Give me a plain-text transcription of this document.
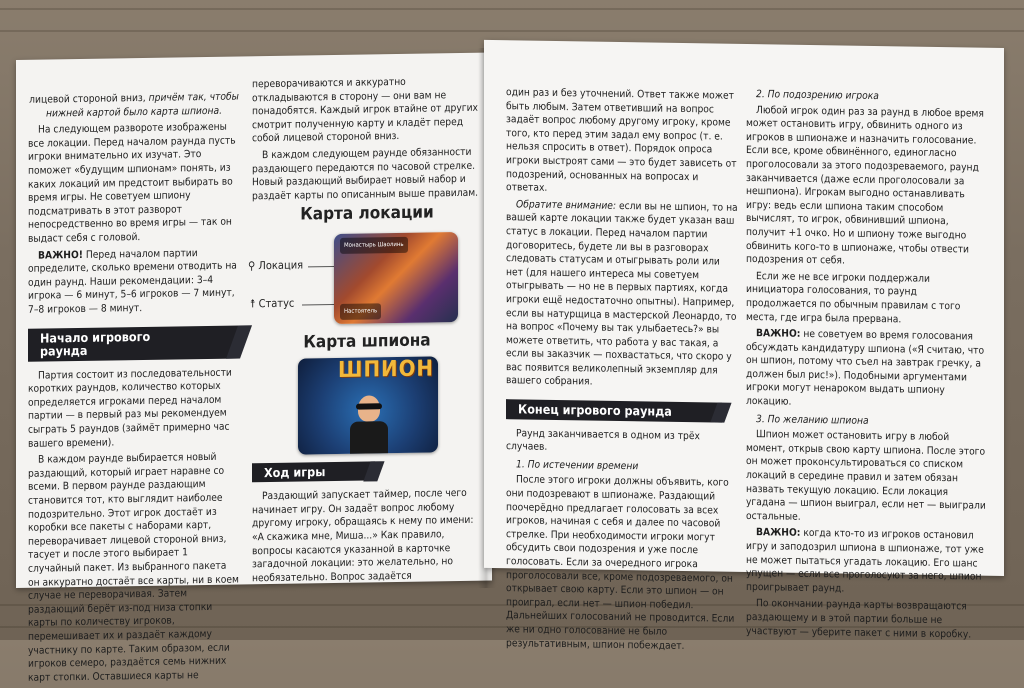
лицевой стороной вниз, причём так, чтобы
нижней картой было карта шпиона.

На следующем развороте изображены все локации. Перед началом раунда пусть игроки внимательно их изучат. Это поможет «будущим шпионам» понять, из каких локаций им предстоит выбирать во время игры. Не советуем шпиону подсматривать в этот разворот непосредственно во время игры — так он выдаст себя с головой.

ВАЖНО! Перед началом партии определите, сколько времени отводить на один раунд. Наши рекомендации: 3–4 игрока — 6 минут, 5–6 игроков — 7 минут, 7–8 игроков — 8 минут.

Начало игрового раунда

Партия состоит из последовательности коротких раундов, количество которых определяется игроками перед началом партии — в первый раз мы рекомендуем сыграть 5 раундов (займёт примерно час вашего времени).

В каждом раунде выбирается новый раздающий, который играет наравне со всеми. В первом раунде раздающим становится тот, кто выглядит наиболее подозрительно. Этот игрок достаёт из коробки все пакеты с наборами карт, переворачивает лицевой стороной вниз, тасует и после этого выбирает 1 случайный пакет. Из выбранного пакета он аккуратно достаёт все карты, ни в коем случае не переворачивая. Затем раздающий берёт из-под низа стопки карты по количеству игроков, перемешивает их и раздаёт каждому участнику по карте. Таким образом, если игроков семеро, раздаётся семь нижних карт стопки. Оставшиеся карты не

переворачиваются и аккуратно откладываются в сторону — они вам не понадобятся. Каждый игрок втайне от других смотрит полученную карту и кладёт перед собой лицевой стороной вниз.

В каждом следующем раунде обязанности раздающего передаются по часовой стрелке. Новый раздающий выбирает новый набор и раздаёт карты по описанным выше правилам.

Карта локации
⚲ Локация
☨ Статус
Монастырь Шаолинь
Настоятель
Карта шпиона
ШПИОН
Ход игры

Раздающий запускает таймер, после чего начинает игру. Он задаёт вопрос любому другому игроку, обращаясь к нему по имени: «А скажика мне, Миша...» Как правило, вопросы касаются указанной в карточке загадочной локации: это желательно, но необязательно. Вопрос задаётся

один раз и без уточнений. Ответ также может быть любым. Затем ответивший на вопрос задаёт вопрос любому другому игроку, кроме того, кто перед этим задал ему вопрос (т. е. нельзя спросить в ответ). Порядок опроса игроки выстроят сами — это будет зависеть от подозрений, основанных на вопросах и ответах.

Обратите внимание: если вы не шпион, то на вашей карте локации также будет указан ваш статус в локации. Перед началом партии договоритесь, будете ли вы в разговорах следовать статусам и отыгрывать роли или нет (для нашего интереса мы советуем отыгрывать — но не в первых партиях, когда игроки ещё недостаточно опытны). Например, если вы натурщица в мастерской Леонардо, то на вопрос «Почему вы так улыбаетесь?» вы можете ответить, что работа у вас такая, а если вы заказчик — похвастаться, что скоро у вас появится великолепный экземпляр для вашего собрания.

Конец игрового раунда

Раунд заканчивается в одном из трёх случаев.

1. По истечении времени

После этого игроки должны объявить, кого они подозревают в шпионаже. Раздающий поочерёдно предлагает голосовать за всех игроков, начиная с себя и далее по часовой стрелке. При необходимости игроки могут обсудить свои подозрения и уже после голосовать. Если за очередного игрока проголосовали все, кроме подозреваемого, он открывает свою карту. Если это шпион — он проиграл, если нет — шпион победил. Дальнейших голосований не проводится. Если же ни одно голосование не было результативным, шпион побеждает.

2. По подозрению игрока

Любой игрок один раз за раунд в любое время может остановить игру, обвинить одного из игроков в шпионаже и назначить голосование. Если все, кроме обвинённого, единогласно проголосовали за этого подозреваемого, раунд заканчивается (даже если проголосовали за нешпиона). Игрокам выгодно останавливать игру: ведь если шпиона таким способом вычислят, то игрок, обвинивший шпиона, получит +1 очко. Но и шпиону тоже выгодно обвинить кого-то в шпионаже, чтобы отвести подозрения от себя.

Если же не все игроки поддержали инициатора голосования, то раунд продолжается по обычным правилам с того места, где игра была прервана.

ВАЖНО: не советуем во время голосования обсуждать кандидатуру шпиона («Я считаю, что он шпион, потому что съел на завтрак гречку, а должен был рис!»). Подобными аргументами игроки могут ненароком выдать шпиону локацию.

3. По желанию шпиона

Шпион может остановить игру в любой момент, открыв свою карту шпиона. После этого он может проконсультироваться со списком локаций в середине правил и затем обязан назвать текущую локацию. Если локация угадана — шпион выиграл, если нет — выиграли остальные.

ВАЖНО: когда кто-то из игроков остановил игру и заподозрил шпиона в шпионаже, тот уже не может пытаться угадать локацию. Его шанс упущен — если все проголосуют за него, шпион проигрывает раунд.

По окончании раунда карты возвращаются раздающему и в этой партии больше не участвуют — уберите пакет с ними в коробку.
